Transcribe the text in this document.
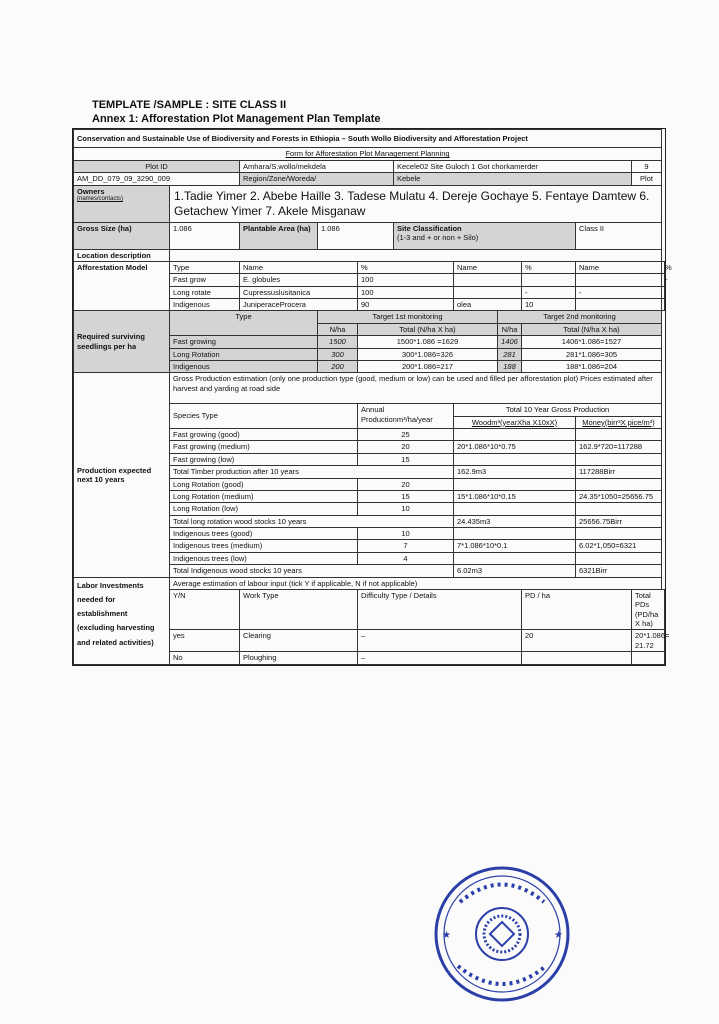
TEMPLATE /SAMPLE : SITE CLASS II
Annex 1: Afforestation Plot Management Plan Template
Conservation and Sustainable Use of Biodiversity and Forests in Ethiopia – South Wollo Biodiversity and Afforestation Project											
Form for Afforestation Plot Management Planning											
Plot ID		Amhara/S.wollo/mekdela			Kecele02 Site Guloch 1 Got chorkamerder					9	
AM_DD_079_09_3290_009		Region/Zone/Woreda/			Kebele					Plot	

Owners
(names/contacts)	1.Tadie Yimer 2. Abebe Haille 3. Tadese Mulatu 4. Dereje Gochaye 5. Fentaye Damtew 6. Getachew Yimer 7. Akele Misganaw										
Gross Size (ha)	1.086	Plantable Area (ha)	1.086		Site Classification
(1-3 and + or non + Silo)				Class II		
Location description											
Afforestation Model	Type	Name		%		Name		%	Name		%
	Fast grow	E. globules		100							-
	Long rotate	Cupressuslusitanica		100				-	-		
	Indigenous	JuniperaceProcera		90		olea		10			
Required surviving seedlings per ha	Type		Target 1st monitoring				Target 2nd monitoring				
			N/ha	Total (N/ha X ha)			N/ha	Total (N/ha X ha)			
	Fast growing		1500	1500*1.086 =1629			1406	1406*1.086=1527			
	Long Rotation		300	300*1.086=326			281	281*1.086=305			
	Indigenous		200	200*1.086=217			188	188*1.086=204			
Production expected next 10 years	Gross Production estimation (only one production type (good, medium or low) can be used and filled per afforestation plot) Prices estimated after harvest and yarding at road side										
	Species Type			Annual Productionm³/ha/year		Total 10 Year Gross Production					
						Woodm³(yearXha X10xX)			Money(birr³X pice/m³)		
	Fast growing (good)			25							
	Fast growing (medium)			20		20*1.086*10*0.75			162.9*720=117288		
	Fast growing (low)			15							
	Total Timber production after 10 years					162.9m3			117288Birr		
	Long Rotation (good)			20							
	Long Rotation (medium)			15		15*1.086*10*0.15			24.35*1050=25656.75		
	Long Rotation (low)			10							
	Total long rotation wood stocks 10 years					24.435m3			25656.75Birr		
	Indigenous trees (good)			10							
	Indigenous trees (medium)			7		7*1.086*10*0.1			6.02*1,050=6321		
	Indigenous trees (low)			4							
	Total Indigenous wood stocks 10 years					6.02m3			6321Birr		
Labor Investments needed for establishment (excluding harvesting and related activities)	Average estimation of labour input (tick Y if applicable, N if not applicable)										
	Y/N	Work Type		Difficulty Type / Details				PD / ha		Total PDs (PD/ha X ha)	
	yes	Clearing		–				20		20*1.086= 21.72	
	No	Ploughing		–							
★	★
